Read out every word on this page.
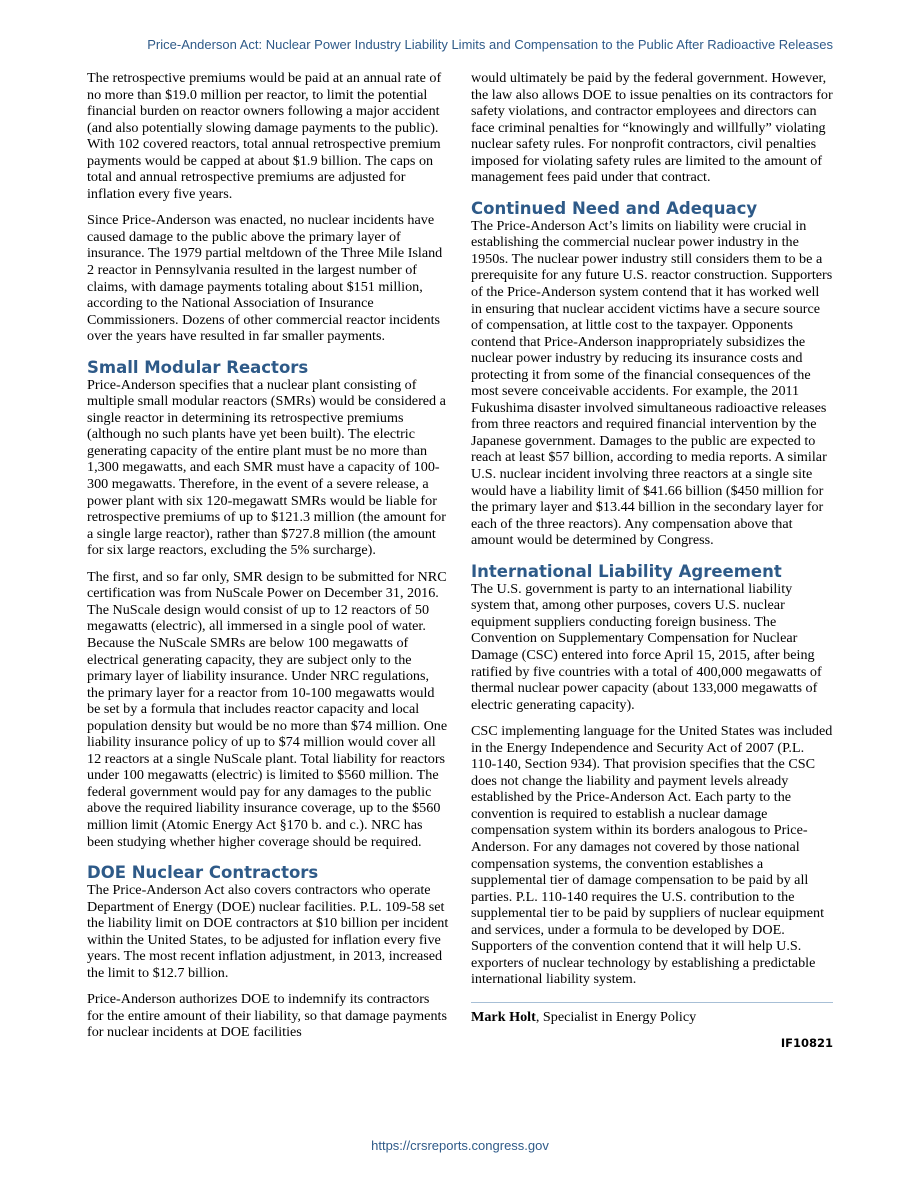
Price-Anderson Act: Nuclear Power Industry Liability Limits and Compensation to the Public After Radioactive Releases

The retrospective premiums would be paid at an annual rate of no more than $19.0 million per reactor, to limit the potential financial burden on reactor owners following a major accident (and also potentially slowing damage payments to the public). With 102 covered reactors, total annual retrospective premium payments would be capped at about $1.9 billion. The caps on total and annual retrospective premiums are adjusted for inflation every five years.

Since Price-Anderson was enacted, no nuclear incidents have caused damage to the public above the primary layer of insurance. The 1979 partial meltdown of the Three Mile Island 2 reactor in Pennsylvania resulted in the largest number of claims, with damage payments totaling about $151 million, according to the National Association of Insurance Commissioners. Dozens of other commercial reactor incidents over the years have resulted in far smaller payments.

Small Modular Reactors

Price-Anderson specifies that a nuclear plant consisting of multiple small modular reactors (SMRs) would be considered a single reactor in determining its retrospective premiums (although no such plants have yet been built). The electric generating capacity of the entire plant must be no more than 1,300 megawatts, and each SMR must have a capacity of 100-300 megawatts. Therefore, in the event of a severe release, a power plant with six 120-megawatt SMRs would be liable for retrospective premiums of up to $121.3 million (the amount for a single large reactor), rather than $727.8 million (the amount for six large reactors, excluding the 5% surcharge).

The first, and so far only, SMR design to be submitted for NRC certification was from NuScale Power on December 31, 2016. The NuScale design would consist of up to 12 reactors of 50 megawatts (electric), all immersed in a single pool of water. Because the NuScale SMRs are below 100 megawatts of electrical generating capacity, they are subject only to the primary layer of liability insurance. Under NRC regulations, the primary layer for a reactor from 10-100 megawatts would be set by a formula that includes reactor capacity and local population density but would be no more than $74 million. One liability insurance policy of up to $74 million would cover all 12 reactors at a single NuScale plant. Total liability for reactors under 100 megawatts (electric) is limited to $560 million. The federal government would pay for any damages to the public above the required liability insurance coverage, up to the $560 million limit (Atomic Energy Act §170 b. and c.). NRC has been studying whether higher coverage should be required.

DOE Nuclear Contractors

The Price-Anderson Act also covers contractors who operate Department of Energy (DOE) nuclear facilities. P.L. 109-58 set the liability limit on DOE contractors at $10 billion per incident within the United States, to be adjusted for inflation every five years. The most recent inflation adjustment, in 2013, increased the limit to $12.7 billion.

Price-Anderson authorizes DOE to indemnify its contractors for the entire amount of their liability, so that damage payments for nuclear incidents at DOE facilities

would ultimately be paid by the federal government. However, the law also allows DOE to issue penalties on its contractors for safety violations, and contractor employees and directors can face criminal penalties for “knowingly and willfully” violating nuclear safety rules. For nonprofit contractors, civil penalties imposed for violating safety rules are limited to the amount of management fees paid under that contract.

Continued Need and Adequacy

The Price-Anderson Act’s limits on liability were crucial in establishing the commercial nuclear power industry in the 1950s. The nuclear power industry still considers them to be a prerequisite for any future U.S. reactor construction. Supporters of the Price-Anderson system contend that it has worked well in ensuring that nuclear accident victims have a secure source of compensation, at little cost to the taxpayer. Opponents contend that Price-Anderson inappropriately subsidizes the nuclear power industry by reducing its insurance costs and protecting it from some of the financial consequences of the most severe conceivable accidents. For example, the 2011 Fukushima disaster involved simultaneous radioactive releases from three reactors and required financial intervention by the Japanese government. Damages to the public are expected to reach at least $57 billion, according to media reports. A similar U.S. nuclear incident involving three reactors at a single site would have a liability limit of $41.66 billion ($450 million for the primary layer and $13.44 billion in the secondary layer for each of the three reactors). Any compensation above that amount would be determined by Congress.

International Liability Agreement

The U.S. government is party to an international liability system that, among other purposes, covers U.S. nuclear equipment suppliers conducting foreign business. The Convention on Supplementary Compensation for Nuclear Damage (CSC) entered into force April 15, 2015, after being ratified by five countries with a total of 400,000 megawatts of thermal nuclear power capacity (about 133,000 megawatts of electric generating capacity).

CSC implementing language for the United States was included in the Energy Independence and Security Act of 2007 (P.L. 110-140, Section 934). That provision specifies that the CSC does not change the liability and payment levels already established by the Price-Anderson Act. Each party to the convention is required to establish a nuclear damage compensation system within its borders analogous to Price-Anderson. For any damages not covered by those national compensation systems, the convention establishes a supplemental tier of damage compensation to be paid by all parties. P.L. 110-140 requires the U.S. contribution to the supplemental tier to be paid by suppliers of nuclear equipment and services, under a formula to be developed by DOE. Supporters of the convention contend that it will help U.S. exporters of nuclear technology by establishing a predictable international liability system.

Mark Holt, Specialist in Energy Policy

IF10821
https://crsreports.congress.gov
